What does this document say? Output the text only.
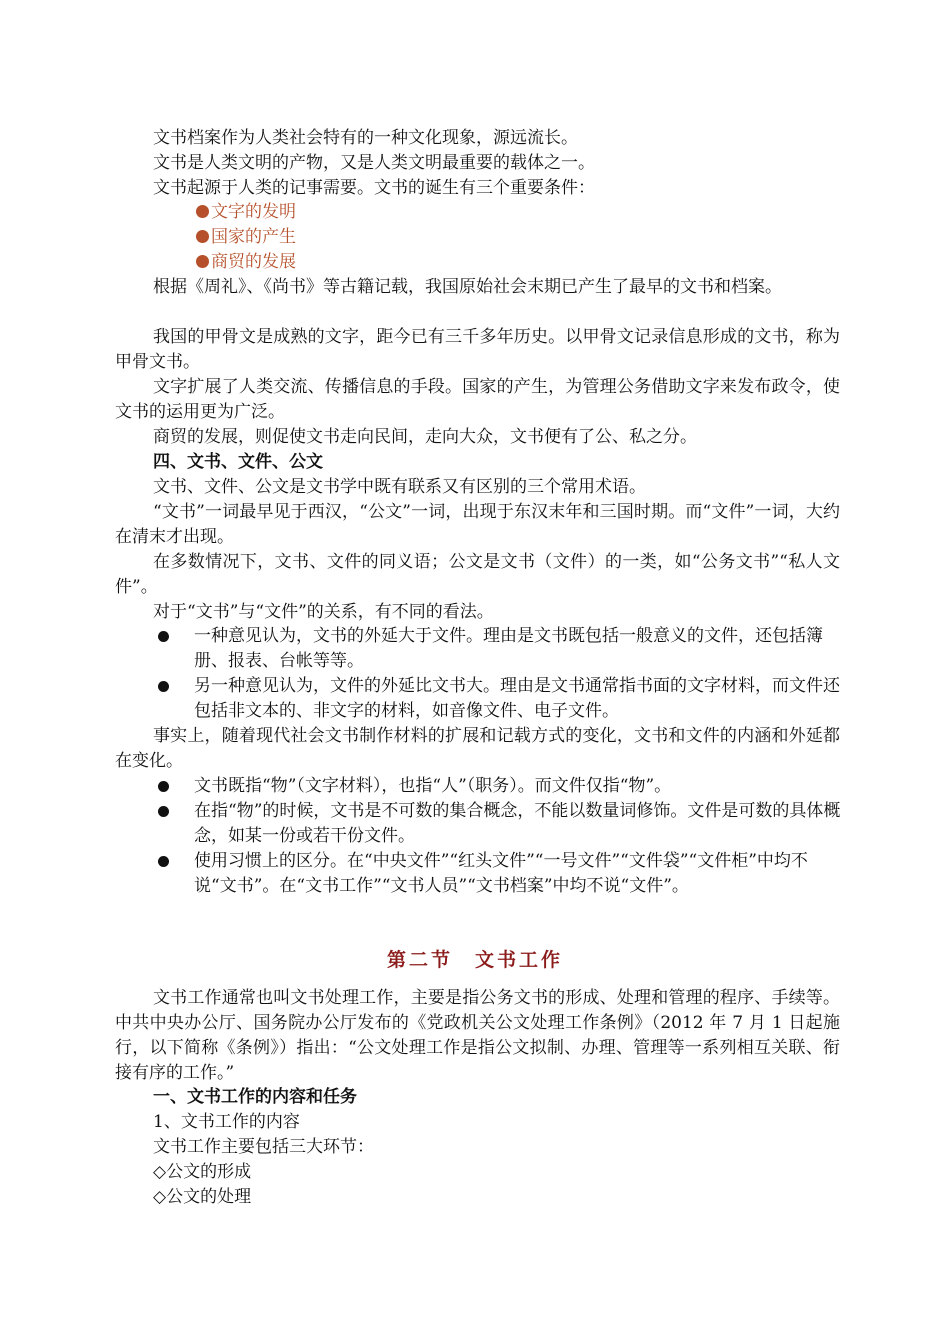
文书档案作为人类社会特有的一种文化现象，源远流长。
文书是人类文明的产物，又是人类文明最重要的载体之一。
文书起源于人类的记事需要。文书的诞生有三个重要条件：
文字的发明
国家的产生
商贸的发展
根据《周礼》、《尚书》等古籍记载，我国原始社会末期已产生了最早的文书和档案。
我国的甲骨文是成熟的文字，距今已有三千多年历史。以甲骨文记录信息形成的文书，称为甲骨文书。
文字扩展了人类交流、传播信息的手段。国家的产生，为管理公务借助文字来发布政令，使文书的运用更为广泛。
商贸的发展，则促使文书走向民间，走向大众，文书便有了公、私之分。
四、文书、文件、公文
文书、文件、公文是文书学中既有联系又有区别的三个常用术语。
“文书”一词最早见于西汉，“公文”一词，出现于东汉末年和三国时期。而“文件”一词，大约在清末才出现。
在多数情况下，文书、文件的同义语；公文是文书（文件）的一类，如“公务文书”“私人文件”。
对于“文书”与“文件”的关系，有不同的看法。
一种意见认为，文书的外延大于文件。理由是文书既包括一般意义的文件，还包括簿册、报表、台帐等等。
另一种意见认为，文件的外延比文书大。理由是文书通常指书面的文字材料，而文件还包括非文本的、非文字的材料，如音像文件、电子文件。
事实上，随着现代社会文书制作材料的扩展和记载方式的变化，文书和文件的内涵和外延都在变化。
文书既指“物”（文字材料），也指“人”（职务）。而文件仅指“物”。
在指“物”的时候，文书是不可数的集合概念，不能以数量词修饰。文件是可数的具体概念，如某一份或若干份文件。
使用习惯上的区分。在“中央文件”“红头文件”“一号文件”“文件袋”“文件柜”中均不说“文书”。在“文书工作”“文书人员”“文书档案”中均不说“文件”。
第二节　文书工作
文书工作通常也叫文书处理工作，主要是指公务文书的形成、处理和管理的程序、手续等。中共中央办公厅、国务院办公厅发布的《党政机关公文处理工作条例》（2012 年 7 月 1 日起施行，以下简称《条例》）指出：“公文处理工作是指公文拟制、办理、管理等一系列相互关联、衔接有序的工作。”
一、文书工作的内容和任务
1、文书工作的内容
文书工作主要包括三大环节：
◇公文的形成
◇公文的处理
